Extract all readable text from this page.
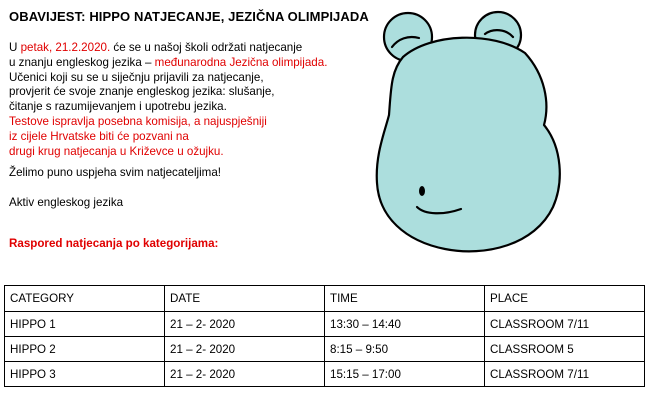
OBAVIJEST: HIPPO NATJECANJE, JEZIČNA OLIMPIJADA
U petak, 21.2.2020. će se u našoj školi održati natjecanje
u znanju engleskog jezika – međunarodna Jezična olimpijada.
Učenici koji su se u siječnju prijavili za natjecanje,
provjerit će svoje znanje engleskog jezika: slušanje,
čitanje s razumijevanjem i upotrebu jezika.
Testove ispravlja posebna komisija, a najuspješniji
iz cijele Hrvatske biti će pozvani na
drugi krug natjecanja u Križevce u ožujku.
Želimo puno uspjeha svim natjecateljima!
Aktiv engleskog jezika
Raspored natjecanja po kategorijama:
CATEGORY	DATE	TIME	PLACE
HIPPO 1	21 – 2- 2020	13:30 – 14:40	CLASSROOM 7/11
HIPPO 2	21 – 2- 2020	8:15 – 9:50	CLASSROOM 5
HIPPO 3	21 – 2- 2020	15:15 – 17:00	CLASSROOM 7/11
